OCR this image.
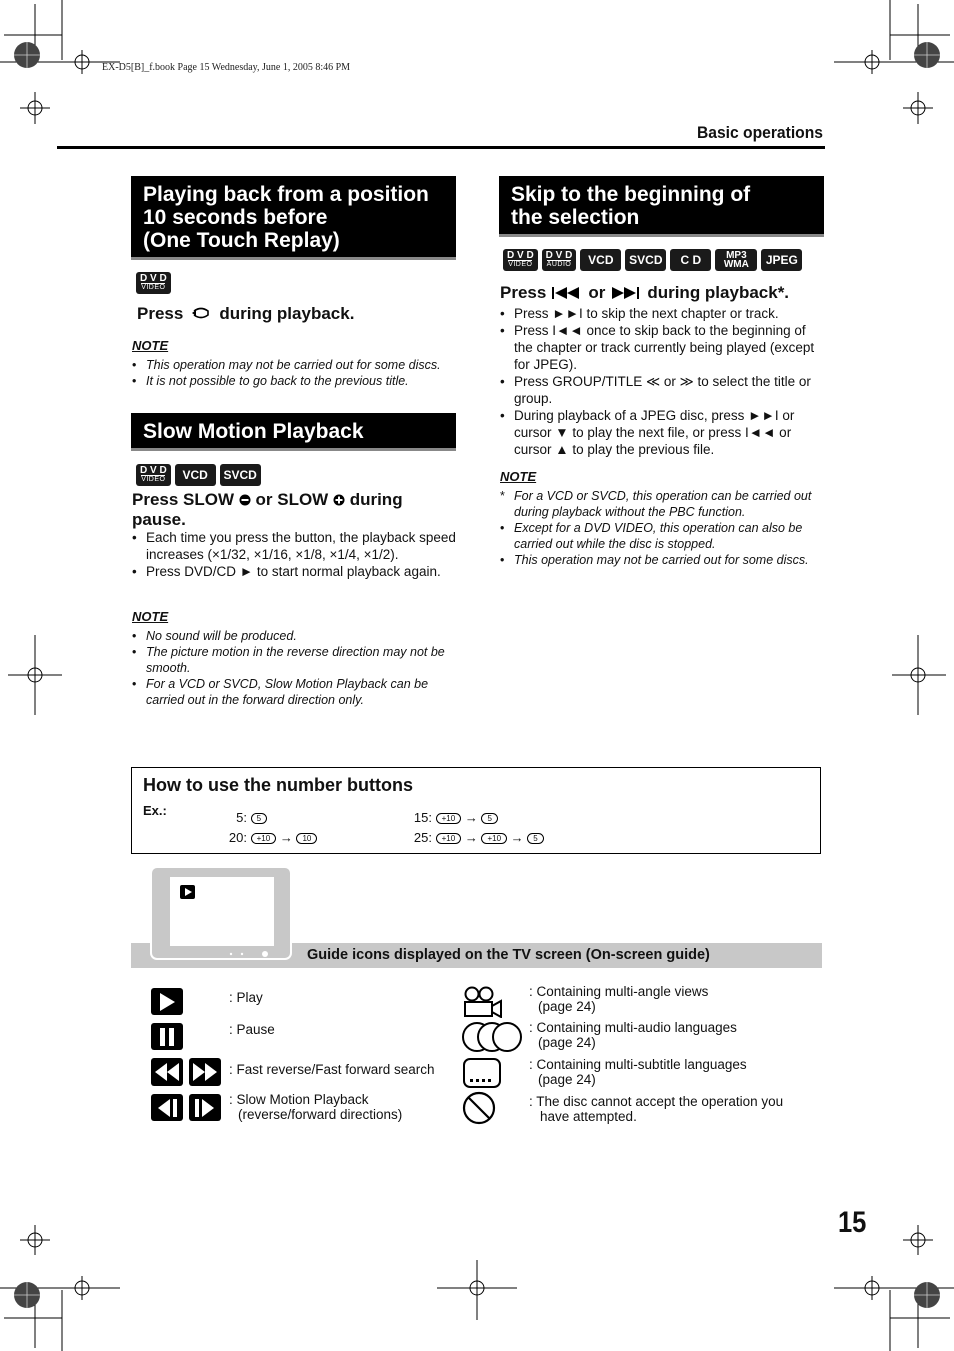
EX-D5[B]_f.book Page 15 Wednesday, June 1, 2005 8:46 PM
Basic operations
Playing back from a position
10 seconds before
(One Touch Replay)
D V D
VIDEO
Press during playback.
NOTE
• This operation may not be carried out for some discs.
• It is not possible to go back to the previous title.
Slow Motion Playback
D V D
VIDEO	VCD	SVCD
Press SLOW or SLOW during
pause.
• Each time you press the button, the playback speed increases (×1/32, ×1/16, ×1/8, ×1/4, ×1/2).
• Press DVD/CD ► to start normal playback again.
NOTE
• No sound will be produced.
• The picture motion in the reverse direction may not be smooth.
• For a VCD or SVCD, Slow Motion Playback can be carried out in the forward direction only.
Skip to the beginning of
the selection
D V D
VIDEO
D V D
AUDIO	VCD	SVCD	C D	MP3
WMA	JPEG
Press or during playback*.
• Press ►►I to skip the next chapter or track.
• Press I◄◄ once to skip back to the beginning of the chapter or track currently being played (except for JPEG).
• Press GROUP/TITLE ≪ or ≫ to select the title or group.
• During playback of a JPEG disc, press ►►I or cursor ▼ to play the next file, or press I◄◄ or cursor ▲ to play the previous file.
NOTE
* For a VCD or SVCD, this operation can be carried out during playback without the PBC function.
• Except for a DVD VIDEO, this operation can also be carried out while the disc is stopped.
• This operation may not be carried out for some discs.
How to use the number buttons
Ex.:	5: 5
20: +10 → 10
15: +10 → 5
25: +10 → +10 → 5
Guide icons displayed on the TV screen (On-screen guide)
: Play
: Pause
: Fast reverse/Fast forward search
: Slow Motion Playback
(reverse/forward directions)
: Containing multi-angle views
(page 24)
: Containing multi-audio languages
(page 24)
: Containing multi-subtitle languages
(page 24)
: The disc cannot accept the operation you
have attempted.
15
